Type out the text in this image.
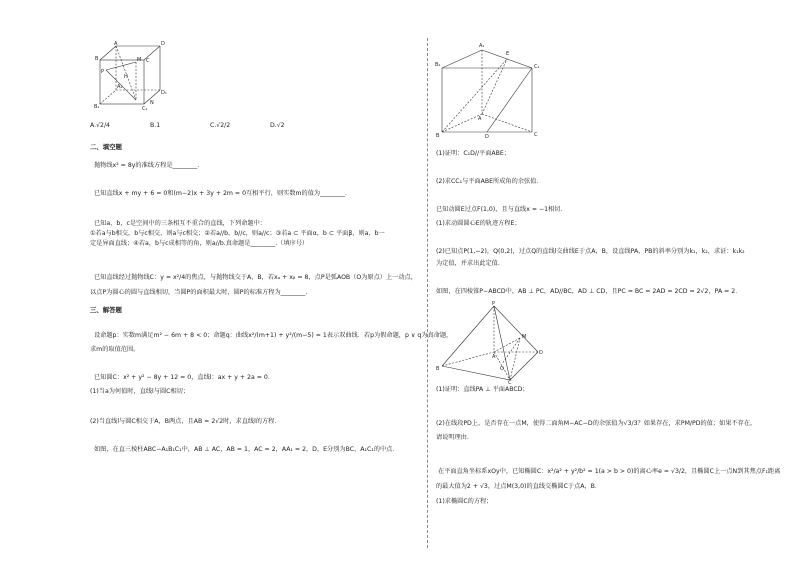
A
B	C
D
P
M
H
A₁
B₁	C₁
D₁
N
A.√2/4	B.1	C.√2/2	D.√2
二、填空题
抛物线x² = 8y的准线方程是________.
已知直线x + my + 6 = 0和(m−2)x + 3y + 2m = 0互相平行，则实数m的值为________.
已知a，b，c是空间中的三条相互不重合的直线，下列命题中：
①若a与b相交，b与c相交，则a与c相交；②若a//b，b//c，则a//c；③若a ⊂ 平面α，b ⊂ 平面β，则a，b一
定是异面直线；④若a，b与c成相等的角，则a//b.真命题是________.（填序号）
已知直线经过抛物线C：y = x²/4的焦点，与抛物线交于A，B，若xₐ + xᵦ = 8，点P是弧AOB（O为原点）上一动点，
以点P为圆心的圆与直线相切，当圆P的面积最大时，圆P的标准方程为________.
三、解答题
设命题p：实数m满足m² − 6m + 8 < 0；命题q：曲线x²/(m+1) + y²/(m−5) = 1表示双曲线．若p为假命题，p ∨ q为真命题，
求m的取值范围。
已知圆C：x² + y² − 8y + 12 = 0，直线l：ax + y + 2a = 0．
(1)当a为何值时，直线l与圆C相切；
(2)当直线l与圆C相交于A，B两点，且AB = 2√2时，求直线l的方程．
如图，在直三棱柱ABC−A₁B₁C₁中，AB ⊥ AC，AB = 1，AC = 2，AA₁ = 2，D，E分别为BC，A₁C₁的中点．
A₁
E
C₁
B₁
A
C
B	D
(1)证明：C₁D//平面ABE；
(2)求CC₁与平面ABE所成角的余弦值．
已知动圆E过点F(1,0)，且与直线x = −1相切．
(1)求动圆圆心E的轨迹方程E；
(2)已知点P(1,−2)，Q(0,2)，过点Q的直线l交曲线E于点A，B，设直线PA，PB的斜率分别为k₁，k₂，求证：k₁k₂
为定值，并求出此定值．
如图，在四棱锥P−ABCD中，AB ⊥ PC，AD//BC，AD ⊥ CD，且PC = BC = 2AD = 2CD = 2√2，PA = 2．
P
A
B
C
D
M
O
(1)证明：直线PA ⊥ 平面ABCD；
(2)在线段PD上，是否存在一点M，使得二面角M−AC−D的余弦值为√3/3？如果存在，求PM/PD的值；如果不存在，
请说明理由．
在平面直角坐标系xOy中，已知椭圆C：x²/a² + y²/b² = 1(a > b > 0)的离心率e = √3/2，且椭圆C上一点N到其焦点F₁距离
的最大值为2 + √3，过点M(3,0)的直线交椭圆C于点A，B．
(1)求椭圆C的方程；
